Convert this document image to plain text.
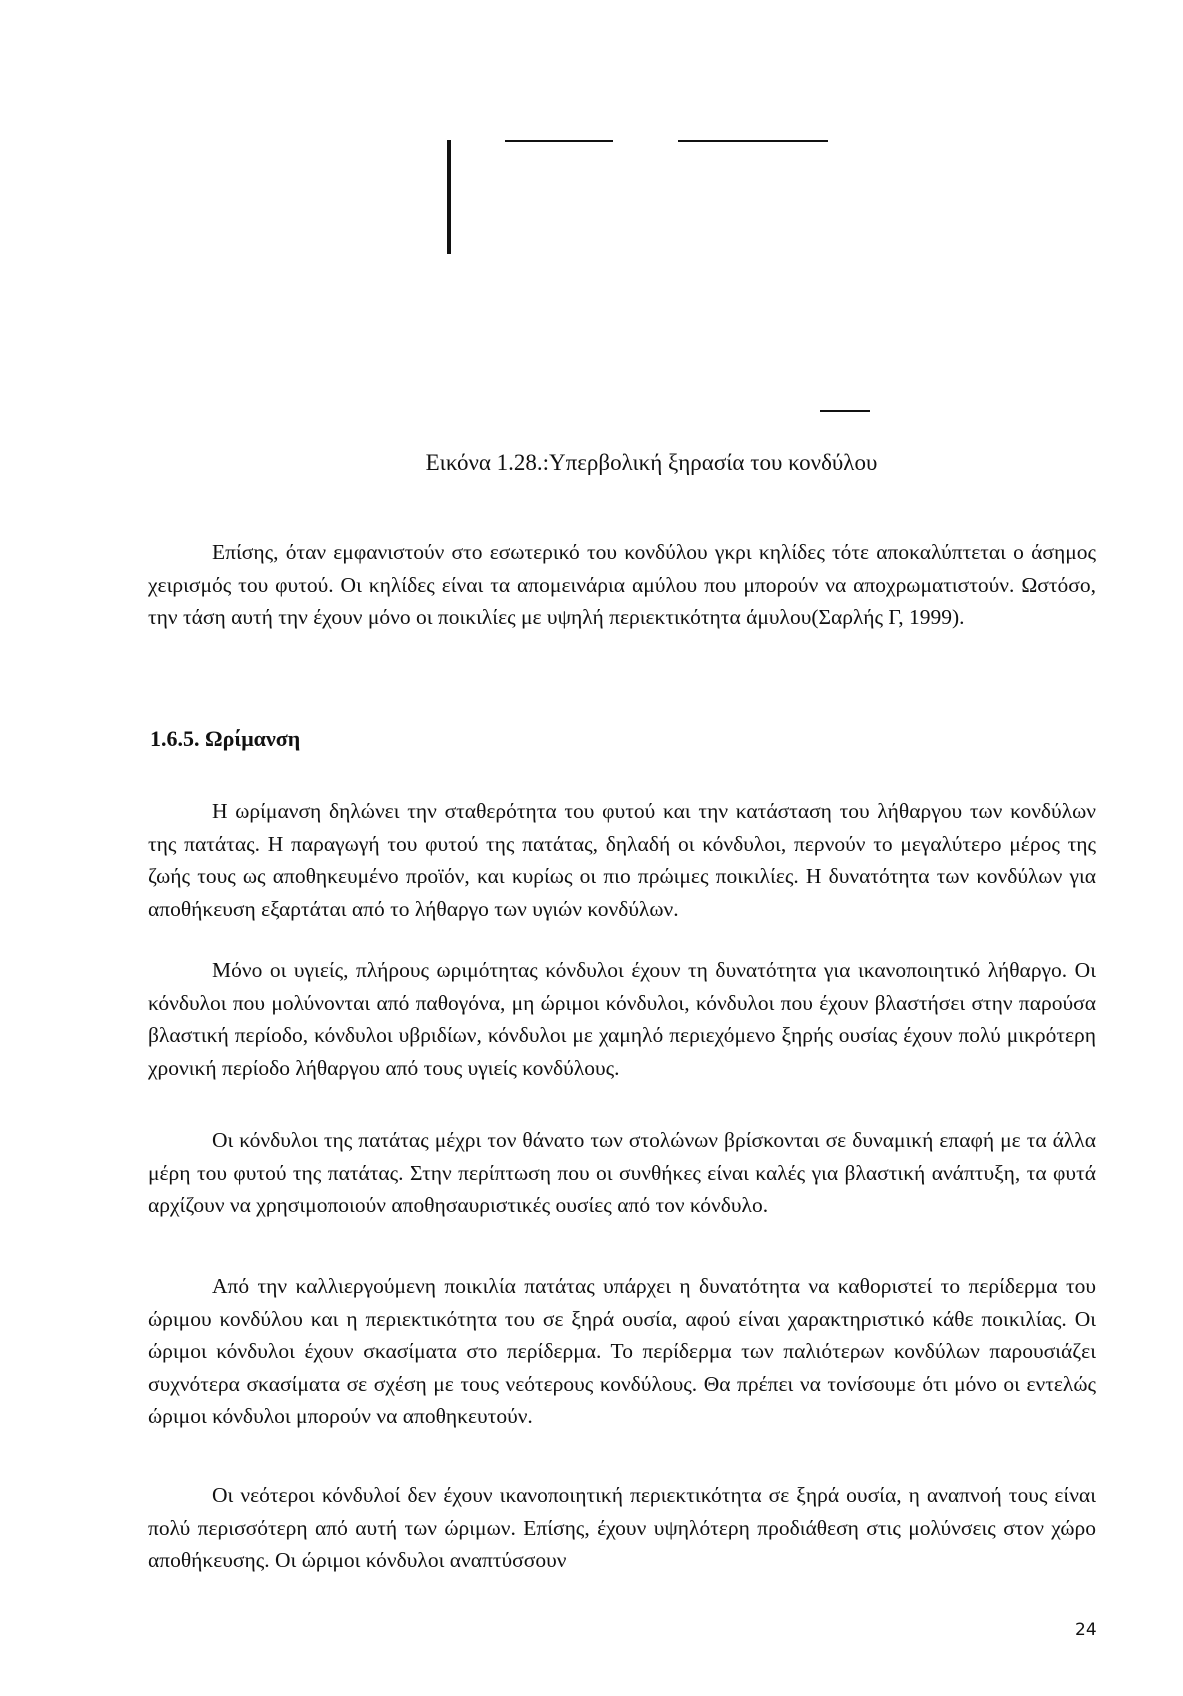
Εικόνα 1.28.:Υπερβολική ξηρασία του κονδύλου

Επίσης, όταν εμφανιστούν στο εσωτερικό του κονδύλου γκρι κηλίδες τότε αποκαλύπτεται ο άσημος χειρισμός του φυτού. Οι κηλίδες είναι τα απομεινάρια αμύλου που μπορούν να αποχρωματιστούν. Ωστόσο, την τάση αυτή την έχουν μόνο οι ποικιλίες με υψηλή περιεκτικότητα άμυλου(Σαρλής Γ, 1999).

1.6.5. Ωρίμανση

Η ωρίμανση δηλώνει την σταθερότητα του φυτού και την κατάσταση του λήθαργου των κονδύλων της πατάτας. Η παραγωγή του φυτού της πατάτας, δηλαδή οι κόνδυλοι, περνούν το μεγαλύτερο μέρος της ζωής τους ως αποθηκευμένο προϊόν, και κυρίως οι πιο πρώιμες ποικιλίες. Η δυνατότητα των κονδύλων για αποθήκευση εξαρτάται από το λήθαργο των υγιών κονδύλων.

Μόνο οι υγιείς, πλήρους ωριμότητας κόνδυλοι έχουν τη δυνατότητα για ικανοποιητικό λήθαργο. Οι κόνδυλοι που μολύνονται από παθογόνα, μη ώριμοι κόνδυλοι, κόνδυλοι που έχουν βλαστήσει στην παρούσα βλαστική περίοδο, κόνδυλοι υβριδίων, κόνδυλοι με χαμηλό περιεχόμενο ξηρής ουσίας έχουν πολύ μικρότερη χρονική περίοδο λήθαργου από τους υγιείς κονδύλους.

Οι κόνδυλοι της πατάτας μέχρι τον θάνατο των στολώνων βρίσκονται σε δυναμική επαφή με τα άλλα μέρη του φυτού της πατάτας. Στην περίπτωση που οι συνθήκες είναι καλές για βλαστική ανάπτυξη, τα φυτά αρχίζουν να χρησιμοποιούν αποθησαυριστικές ουσίες από τον κόνδυλο.

Από την καλλιεργούμενη ποικιλία πατάτας υπάρχει η δυνατότητα να καθοριστεί το περίδερμα του ώριμου κονδύλου και η περιεκτικότητα του σε ξηρά ουσία, αφού είναι χαρακτηριστικό κάθε ποικιλίας. Οι ώριμοι κόνδυλοι έχουν σκασίματα στο περίδερμα. Το περίδερμα των παλιότερων κονδύλων παρουσιάζει συχνότερα σκασίματα σε σχέση με τους νεότερους κονδύλους. Θα πρέπει να τονίσουμε ότι μόνο οι εντελώς ώριμοι κόνδυλοι μπορούν να αποθηκευτούν.

Οι νεότεροι κόνδυλοί δεν έχουν ικανοποιητική περιεκτικότητα σε ξηρά ουσία, η αναπνοή τους είναι πολύ περισσότερη από αυτή των ώριμων. Επίσης, έχουν υψηλότερη προδιάθεση στις μολύνσεις στον χώρο αποθήκευσης. Οι ώριμοι κόνδυλοι αναπτύσσουν

24
